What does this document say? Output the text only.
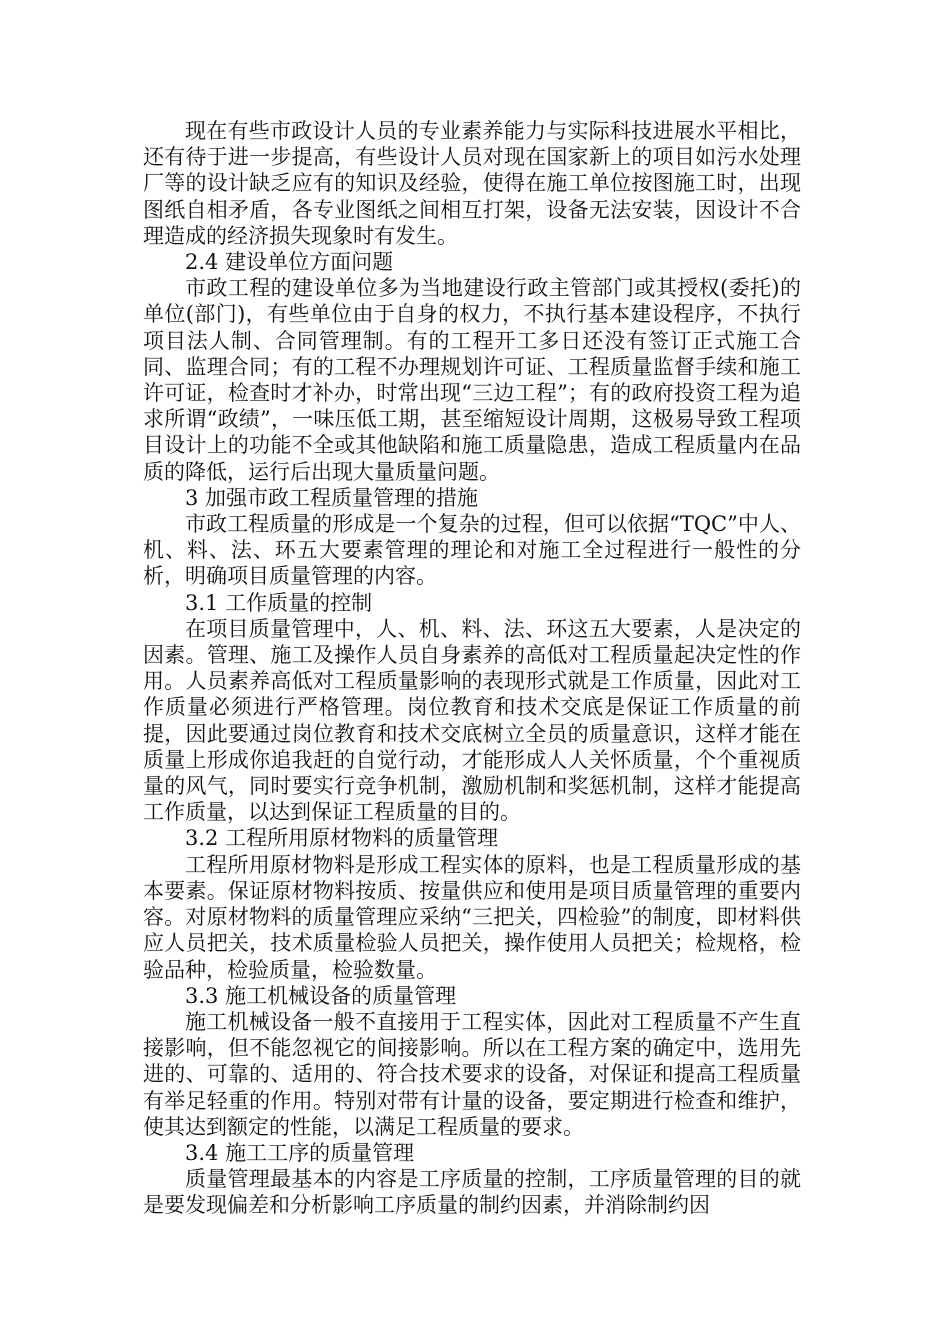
现在有些市政设计人员的专业素养能力与实际科技进展水平相比，还有待于进一步提高，有些设计人员对现在国家新上的项目如污水处理厂等的设计缺乏应有的知识及经验，使得在施工单位按图施工时，出现图纸自相矛盾，各专业图纸之间相互打架，设备无法安装，因设计不合理造成的经济损失现象时有发生。

2.4 建设单位方面问题

市政工程的建设单位多为当地建设行政主管部门或其授权(委托)的单位(部门)，有些单位由于自身的权力，不执行基本建设程序，不执行项目法人制、合同管理制。有的工程开工多日还没有签订正式施工合同、监理合同；有的工程不办理规划许可证、工程质量监督手续和施工许可证，检查时才补办，时常出现“三边工程”；有的政府投资工程为追求所谓“政绩”，一味压低工期，甚至缩短设计周期，这极易导致工程项目设计上的功能不全或其他缺陷和施工质量隐患，造成工程质量内在品质的降低，运行后出现大量质量问题。

3 加强市政工程质量管理的措施

市政工程质量的形成是一个复杂的过程，但可以依据“TQC”中人、机、料、法、环五大要素管理的理论和对施工全过程进行一般性的分析，明确项目质量管理的内容。

3.1 工作质量的控制

在项目质量管理中，人、机、料、法、环这五大要素，人是决定的因素。管理、施工及操作人员自身素养的高低对工程质量起决定性的作用。人员素养高低对工程质量影响的表现形式就是工作质量，因此对工作质量必须进行严格管理。岗位教育和技术交底是保证工作质量的前提，因此要通过岗位教育和技术交底树立全员的质量意识，这样才能在质量上形成你追我赶的自觉行动，才能形成人人关怀质量，个个重视质量的风气，同时要实行竞争机制，激励机制和奖惩机制，这样才能提高工作质量，以达到保证工程质量的目的。

3.2 工程所用原材物料的质量管理

工程所用原材物料是形成工程实体的原料，也是工程质量形成的基本要素。保证原材物料按质、按量供应和使用是项目质量管理的重要内容。对原材物料的质量管理应采纳“三把关，四检验”的制度，即材料供应人员把关，技术质量检验人员把关，操作使用人员把关；检规格，检验品种，检验质量，检验数量。

3.3 施工机械设备的质量管理

施工机械设备一般不直接用于工程实体，因此对工程质量不产生直接影响，但不能忽视它的间接影响。所以在工程方案的确定中，选用先进的、可靠的、适用的、符合技术要求的设备，对保证和提高工程质量有举足轻重的作用。特别对带有计量的设备，要定期进行检查和维护，使其达到额定的性能，以满足工程质量的要求。

3.4 施工工序的质量管理

质量管理最基本的内容是工序质量的控制，工序质量管理的目的就是要发现偏差和分析影响工序质量的制约因素，并消除制约因
